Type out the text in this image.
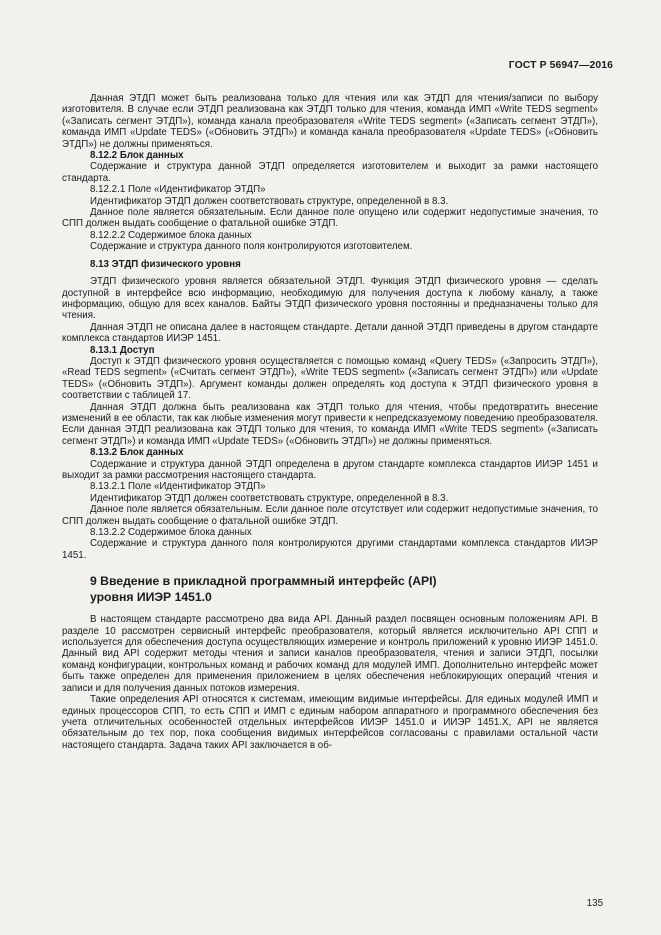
ГОСТ Р 56947—2016

Данная ЭТДП может быть реализована только для чтения или как ЭТДП для чтения/записи по выбору изготовителя. В случае если ЭТДП реализована как ЭТДП только для чтения, команда ИМП «Write TEDS segment» («Записать сегмент ЭТДП»), команда канала преобразователя «Write TEDS segment» («Записать сегмент ЭТДП»), команда ИМП «Update TEDS» («Обновить ЭТДП») и команда канала преобразователя «Update TEDS» («Обновить ЭТДП») не должны применяться.

8.12.2 Блок данных

Содержание и структура данной ЭТДП определяется изготовителем и выходит за рамки настоящего стандарта.

8.12.2.1 Поле «Идентификатор ЭТДП»

Идентификатор ЭТДП должен соответствовать структуре, определенной в 8.3.

Данное поле является обязательным. Если данное поле опущено или содержит недопустимые значения, то СПП должен выдать сообщение о фатальной ошибке ЭТДП.

8.12.2.2 Содержимое блока данных

Содержание и структура данного поля контролируются изготовителем.

8.13 ЭТДП физического уровня

ЭТДП физического уровня является обязательной ЭТДП. Функция ЭТДП физического уровня — сделать доступной в интерфейсе всю информацию, необходимую для получения доступа к любому каналу, а также информацию, общую для всех каналов. Байты ЭТДП физического уровня постоянны и предназначены только для чтения.

Данная ЭТДП не описана далее в настоящем стандарте. Детали данной ЭТДП приведены в другом стандарте комплекса стандартов ИИЭР 1451.

8.13.1 Доступ

Доступ к ЭТДП физического уровня осуществляется с помощью команд «Query TEDS» («Запросить ЭТДП»), «Read TEDS segment» («Считать сегмент ЭТДП»), «Write TEDS segment» («Записать сегмент ЭТДП») или «Update TEDS» («Обновить ЭТДП»). Аргумент команды должен определять код доступа к ЭТДП физического уровня в соответствии с таблицей 17.

Данная ЭТДП должна быть реализована как ЭТДП только для чтения, чтобы предотвратить внесение изменений в ее области, так как любые изменения могут привести к непредсказуемому поведению преобразователя. Если данная ЭТДП реализована как ЭТДП только для чтения, то команда ИМП «Write TEDS segment» («Записать сегмент ЭТДП») и команда ИМП «Update TEDS» («Обновить ЭТДП») не должны применяться.

8.13.2 Блок данных

Содержание и структура данной ЭТДП определена в другом стандарте комплекса стандартов ИИЭР 1451 и выходит за рамки рассмотрения настоящего стандарта.

8.13.2.1 Поле «Идентификатор ЭТДП»

Идентификатор ЭТДП должен соответствовать структуре, определенной в 8.3.

Данное поле является обязательным. Если данное поле отсутствует или содержит недопустимые значения, то СПП должен выдать сообщение о фатальной ошибке ЭТДП.

8.13.2.2 Содержимое блока данных

Содержание и структура данного поля контролируются другими стандартами комплекса стандартов ИИЭР 1451.

9 Введение в прикладной программный интерфейс (API)
уровня ИИЭР 1451.0

В настоящем стандарте рассмотрено два вида API. Данный раздел посвящен основным положениям API. В разделе 10 рассмотрен сервисный интерфейс преобразователя, который является исключительно API СПП и используется для обеспечения доступа осуществляющих измерение и контроль приложений к уровню ИИЭР 1451.0. Данный вид API содержит методы чтения и записи каналов преобразователя, чтения и записи ЭТДП, посылки команд конфигурации, контрольных команд и рабочих команд для модулей ИМП. Дополнительно интерфейс может быть также определен для применения приложением в целях обеспечения неблокирующих операций чтения и записи и для получения данных потоков измерения.

Такие определения API относятся к системам, имеющим видимые интерфейсы. Для единых модулей ИМП и единых процессоров СПП, то есть СПП и ИМП с единым набором аппаратного и программного обеспечения без учета отличительных особенностей отдельных интерфейсов ИИЭР 1451.0 и ИИЭР 1451.X, API не является обязательным до тех пор, пока сообщения видимых интерфейсов согласованы с правилами остальной части настоящего стандарта. Задача таких API заключается в об-

135
